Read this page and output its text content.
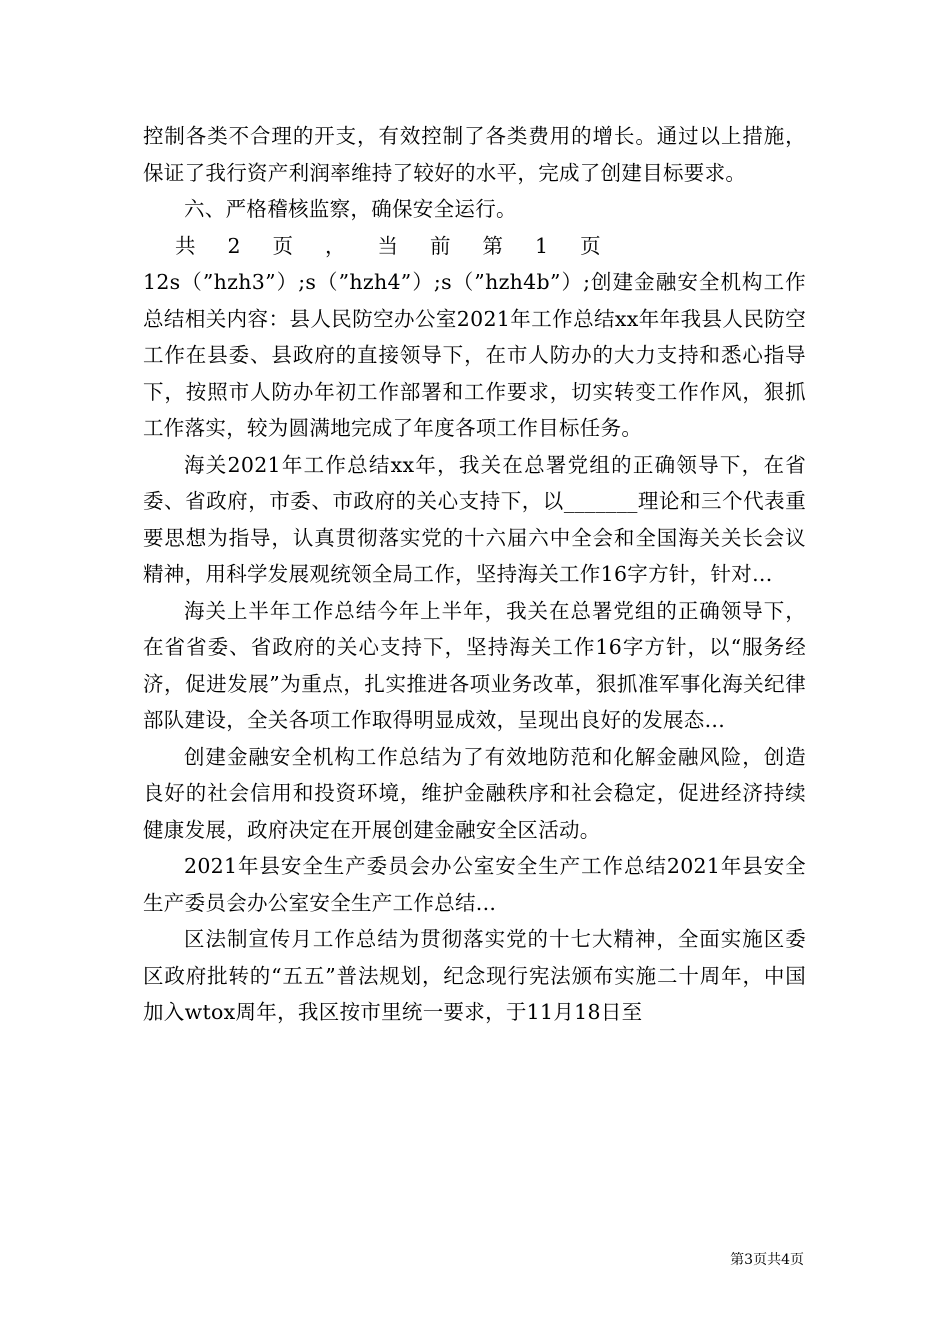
控制各类不合理的开支，有效控制了各类费用的增长。通过以上措施，保证了我行资产利润率维持了较好的水平，完成了创建目标要求。

六、严格稽核监察，确保安全运行。

共 2 页 ， 当 前 第 1 页

12s（”hzh3”）;s（”hzh4”）;s（”hzh4b”）;创建金融安全机构工作总结相关内容：县人民防空办公室2021年工作总结xx年年我县人民防空工作在县委、县政府的直接领导下，在市人防办的大力支持和悉心指导下，按照市人防办年初工作部署和工作要求，切实转变工作作风，狠抓工作落实，较为圆满地完成了年度各项工作目标任务。

海关2021年工作总结xx年，我关在总署党组的正确领导下，在省委、省政府，市委、市政府的关心支持下，以_______理论和三个代表重要思想为指导，认真贯彻落实党的十六届六中全会和全国海关关长会议精神，用科学发展观统领全局工作，坚持海关工作16字方针，针对...

海关上半年工作总结今年上半年，我关在总署党组的正确领导下，在省省委、省政府的关心支持下，坚持海关工作16字方针，以“服务经济，促进发展”为重点，扎实推进各项业务改革，狠抓准军事化海关纪律部队建设，全关各项工作取得明显成效，呈现出良好的发展态...

创建金融安全机构工作总结为了有效地防范和化解金融风险，创造良好的社会信用和投资环境，维护金融秩序和社会稳定，促进经济持续健康发展，政府决定在开展创建金融安全区活动。

2021年县安全生产委员会办公室安全生产工作总结2021年县安全生产委员会办公室安全生产工作总结...

区法制宣传月工作总结为贯彻落实党的十七大精神，全面实施区委区政府批转的“五五”普法规划，纪念现行宪法颁布实施二十周年，中国加入wtox周年，我区按市里统一要求，于11月18日至

第3页共4页
